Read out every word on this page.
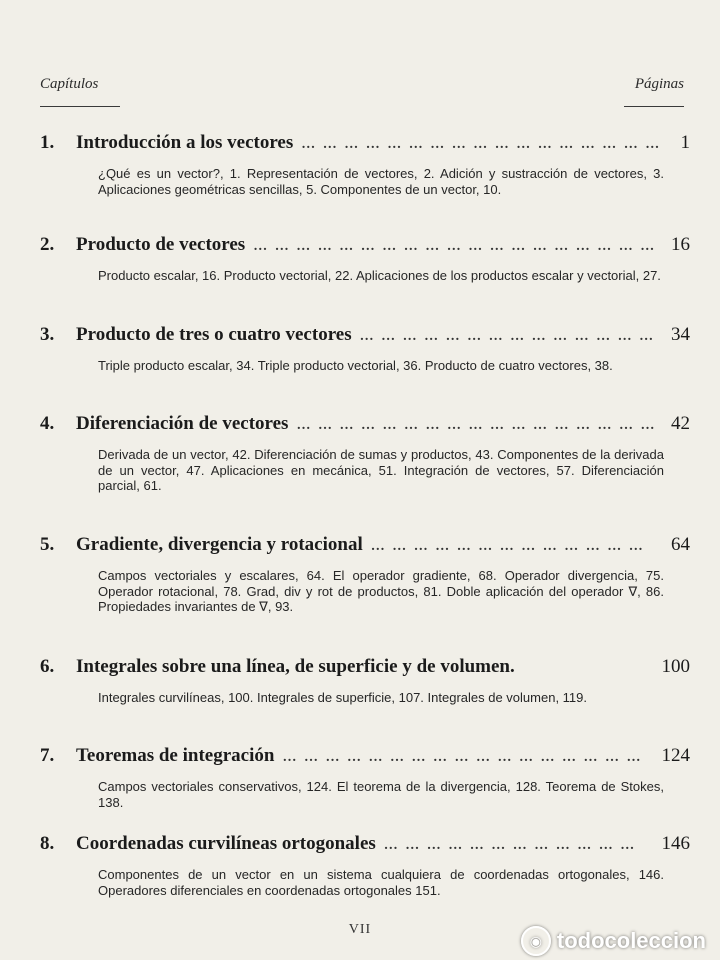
Capítulos	Páginas
1. Introducción a los vectores … … … … … … … … … … … … … … … … … 1
¿Qué es un vector?, 1. Representación de vectores, 2. Adición y sustracción de vectores, 3. Aplicaciones geométricas sencillas, 5. Componentes de un vector, 10.
2. Producto de vectores … … … … … … … … … … … … … … … … … … … 16
Producto escalar, 16. Producto vectorial, 22. Aplicaciones de los productos escalar y vectorial, 27.
3. Producto de tres o cuatro vectores … … … … … … … … … … … … … … 34
Triple producto escalar, 34. Triple producto vectorial, 36. Producto de cuatro vectores, 38.
4. Diferenciación de vectores … … … … … … … … … … … … … … … … … 42
Derivada de un vector, 42. Diferenciación de sumas y productos, 43. Componentes de la derivada de un vector, 47. Aplicaciones en mecánica, 51. Integración de vectores, 57. Diferenciación parcial, 61.
5. Gradiente, divergencia y rotacional … … … … … … … … … … … … … 64
Campos vectoriales y escalares, 64. El operador gradiente, 68. Operador divergencia, 75. Operador rotacional, 78. Grad, div y rot de productos, 81. Doble aplicación del operador ∇, 86. Propiedades invariantes de ∇, 93.
6. Integrales sobre una línea, de superficie y de volumen.	100
Integrales curvilíneas, 100. Integrales de superficie, 107. Integrales de volumen, 119.
7. Teoremas de integración … … … … … … … … … … … … … … … … … 124
Campos vectoriales conservativos, 124. El teorema de la divergencia, 128. Teorema de Stokes, 138.
8. Coordenadas curvilíneas ortogonales … … … … … … … … … … … … 146
Componentes de un vector en un sistema cualquiera de coordenadas ortogonales, 146. Operadores diferenciales en coordenadas ortogonales 151.
VII
◉ todocoleccion
